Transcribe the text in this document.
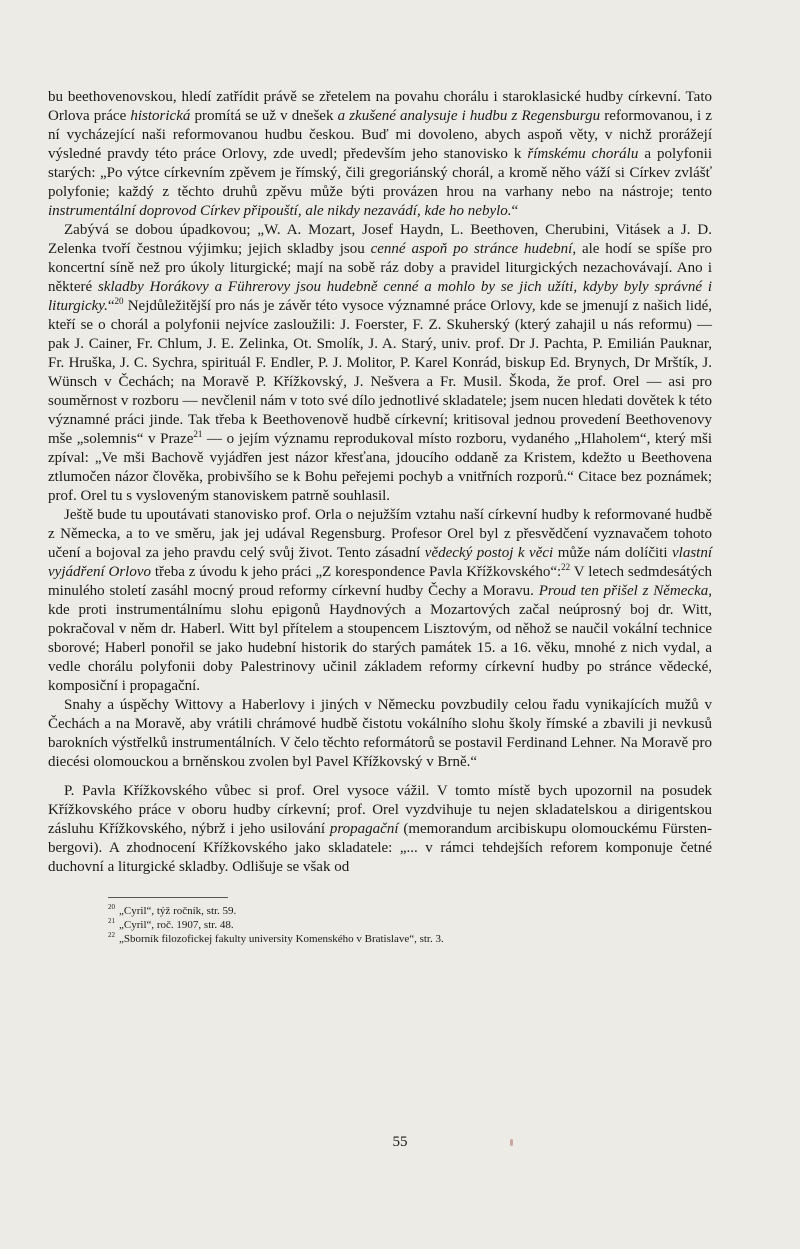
bu beethovenovskou, hledí zatřídit právě se zřetelem na povahu chorálu i staroklasické hudby církevní. Tato Orlova práce historická promítá se už v dnešek a zkušené analysuje i hudbu z Regensburgu reformovanou, i z ní vycházející naši reformovanou hudbu českou. Buď mi dovoleno, abych aspoň věty, v nichž prorážejí výsledné pravdy této práce Orlovy, zde uvedl; především jeho stanovisko k římskému chorálu a polyfonii starých: „Po výtce církevním zpěvem je římský, čili gregoriánský chorál, a kromě něho váží si Církev zvlášť polyfonie; každý z těchto druhů zpěvu může býti provázen hrou na varhany nebo na nástroje; tento instrumentální doprovod Církev připouští, ale nikdy nezavádí, kde ho nebylo.“

Zabývá se dobou úpadkovou; „W. A. Mozart, Josef Haydn, L. Beethoven, Cherubini, Vitásek a J. D. Zelenka tvoří čestnou výjimku; jejich skladby jsou cenné aspoň po stránce hudební, ale hodí se spíše pro koncertní síně než pro úkoly liturgické; mají na sobě ráz doby a pravidel liturgických nezachovávají. Ano i některé skladby Horákovy a Führerovy jsou hudebně cenné a mohlo by se jich užíti, kdyby byly správné i liturgicky.“$^{20}$ Nejdůležitější pro nás je závěr této vysoce významné práce Orlovy, kde se jmenují z našich lidé, kteří se o chorál a polyfonii nejvíce zasloužili: J. Foerster, F. Z. Skuherský (který zahajil u nás reformu) — pak J. Cainer, Fr. Chlum, J. E. Zelinka, Ot. Smolík, J. A. Starý, univ. prof. Dr J. Pachta, P. Emilián Pauknar, Fr. Hruška, J. C. Sychra, spirituál F. Endler, P. J. Molitor, P. Karel Konrád, biskup Ed. Brynych, Dr Mrštík, J. Wünsch v Čechách; na Moravě P. Křížkovský, J. Nešvera a Fr. Musil. Škoda, že prof. Orel — asi pro souměrnost v rozboru — nevčlenil nám v toto své dílo jednotlivé skladatele; jsem nucen hledati dovětek k této významné práci jinde. Tak třeba k Beethovenově hudbě církevní; kritisoval jednou provedení Beethovenovy mše „solemnis“ v Praze$^{21}$ — o jejím významu reprodukoval místo rozboru, vydaného „Hlaholem“, který mši zpíval: „Ve mši Bachově vyjádřen jest názor křesťana, jdoucího oddaně za Kristem, kdežto u Beethovena ztlumočen názor člověka, probivšího se k Bohu peřejemi pochyb a vnitřních rozporů.“ Citace bez poznámek; prof. Orel tu s vysloveným stanoviskem patrně souhlasil.

Ještě bude tu upoutávati stanovisko prof. Orla o nejužším vztahu naší církevní hudby k reformované hudbě z Německa, a to ve směru, jak jej udával Regensburg. Profesor Orel byl z přesvědčení vyznavačem tohoto učení a bojoval za jeho pravdu celý svůj život. Tento zásadní vědecký postoj k věci může nám dolíčiti vlastní vyjádření Orlovo třeba z úvodu k jeho práci „Z korespondence Pavla Křížkovského“:$^{22}$ V letech sedmdesátých minulého století zasáhl mocný proud reformy církevní hudby Čechy a Moravu. Proud ten přišel z Německa, kde proti instrumentálnímu slohu epigonů Haydnových a Mozartových začal neúprosný boj dr. Witt, pokračoval v něm dr. Haberl. Witt byl přítelem a stoupencem Lisztovým, od něhož se naučil vokální technice sborové; Haberl ponořil se jako hudební historik do starých památek 15. a 16. věku, mnohé z nich vydal, a vedle chorálu polyfonii doby Palestrinovy učinil základem reformy církevní hudby po stránce vědecké, komposiční i propagační.

Snahy a úspěchy Wittovy a Haberlovy i jiných v Německu povzbudily celou řadu vynikajících mužů v Čechách a na Moravě, aby vrátili chrámové hudbě čistotu vokálního slohu školy římské a zbavili ji nevkusů barokních výstřelků instrumentálních. V čelo těchto reformátorů se postavil Ferdinand Lehner. Na Moravě pro diecési olomouckou a brněnskou zvolen byl Pavel Křížkovský v Brně.“

P. Pavla Křížkovského vůbec si prof. Orel vysoce vážil. V tomto místě bych upozornil na posudek Křížkovského práce v oboru hudby církevní; prof. Orel vyzdvihuje tu nejen skladatelskou a dirigentskou zásluhu Křížkovského, nýbrž i jeho usilování propagační (memorandum arcibiskupu olomouckému Fürstenbergovi). A zhodnocení Křížkovského jako skladatele: „... v rámci tehdejších reforem komponuje četné duchovní a liturgické skladby. Odlišuje se však od

$^{20}$ „Cyril“, týž ročník, str. 59.
$^{21}$ „Cyril“, roč. 1907, str. 48.
$^{22}$ „Sborník filozofickej fakulty university Komenského v Bratislave“, str. 3.
55
